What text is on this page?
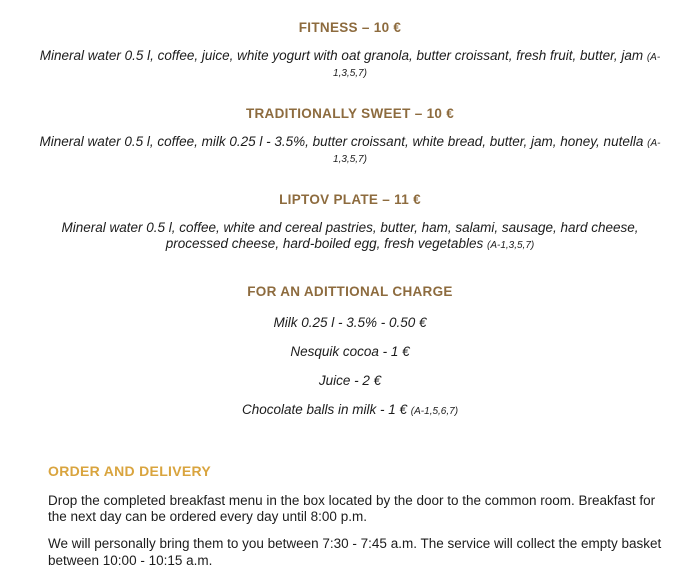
FITNESS – 10 €
Mineral water 0.5 l, coffee, juice, white yogurt with oat granola, butter croissant, fresh fruit, butter, jam (A-1,3,5,7)
TRADITIONALLY SWEET – 10 €
Mineral water 0.5 l, coffee, milk 0.25 l - 3.5%, butter croissant, white bread, butter, jam, honey, nutella (A-1,3,5,7)
LIPTOV PLATE – 11 €
Mineral water 0.5 l, coffee, white and cereal pastries, butter, ham, salami, sausage, hard cheese, processed cheese, hard-boiled egg, fresh vegetables (A-1,3,5,7)
FOR AN ADITTIONAL CHARGE
Milk 0.25 l - 3.5% - 0.50 €
Nesquik cocoa - 1 €
Juice - 2 €
Chocolate balls in milk - 1 € (A-1,5,6,7)
ORDER AND DELIVERY
Drop the completed breakfast menu in the box located by the door to the common room. Breakfast for the next day can be ordered every day until 8:00 p.m.
We will personally bring them to you between 7:30 - 7:45 a.m. The service will collect the empty basket between 10:00 - 10:15 a.m.
